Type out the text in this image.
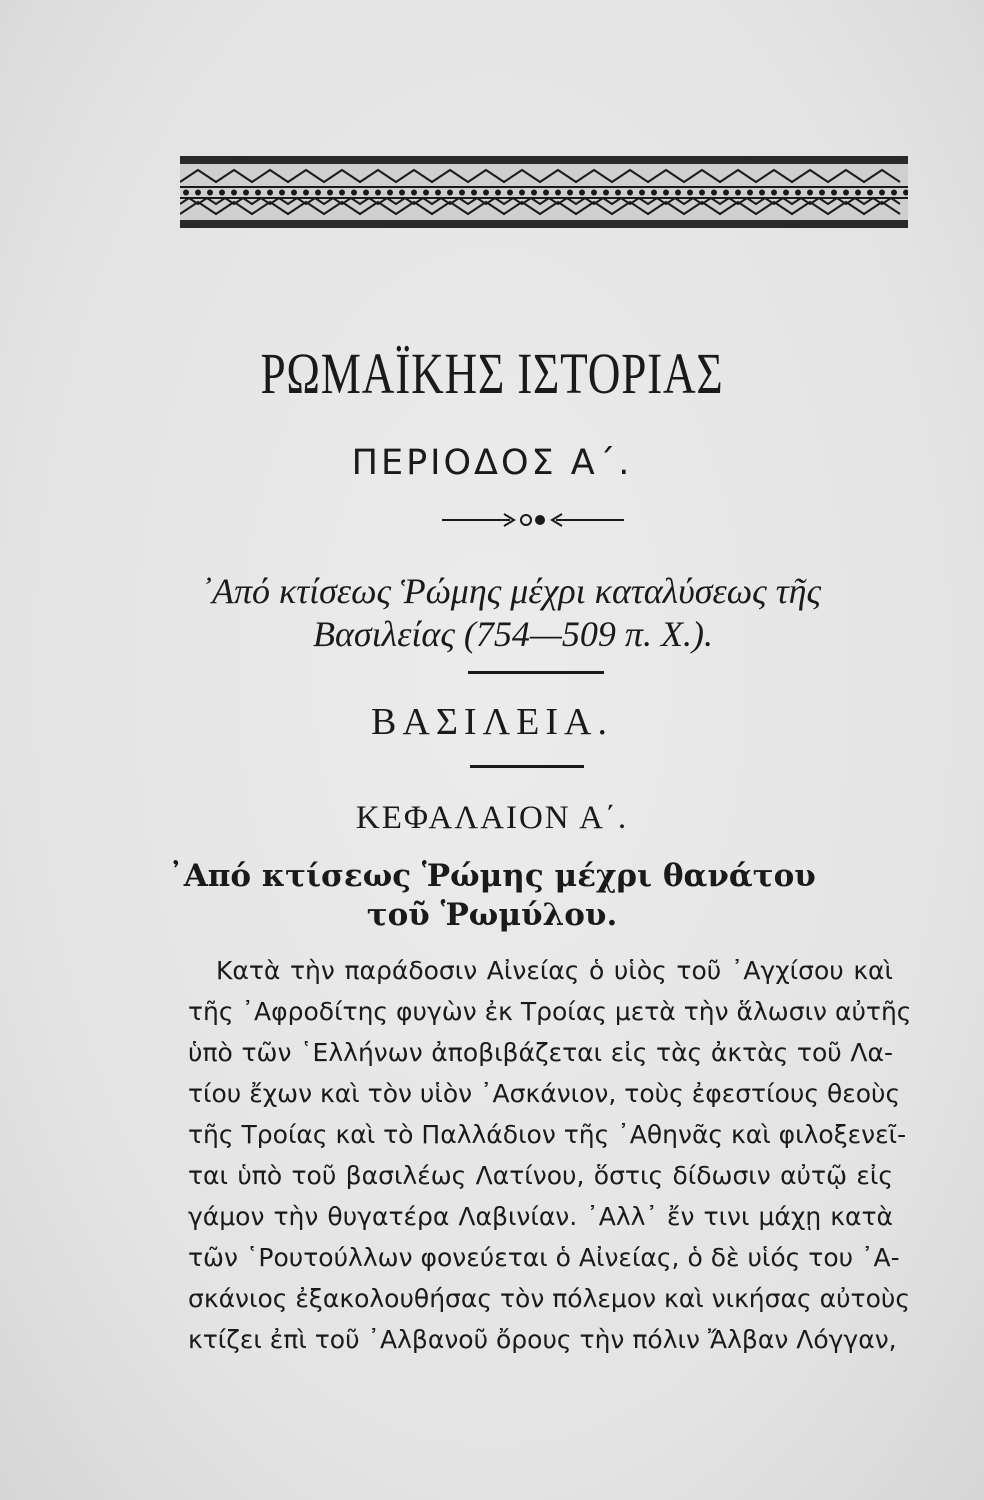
ΡΩΜΑΪΚΗΣ ΙΣΤΟΡΙΑΣ
ΠΕΡΙΟΔΟΣ Α΄.
᾽Από κτίσεως Ῥώμης μέχρι καταλύσεως τῆς
Βασιλείας (754—509 π. Χ.).
ΒΑΣΙΛΕΙΑ.
ΚΕΦΑΛΑΙΟΝ Α΄.
᾽Από κτίσεως Ῥώμης μέχρι θανάτου
τοῦ Ῥωμύλου.
Κατὰ τὴν παράδοσιν Αἰνείας ὁ υἱὸς τοῦ ᾽Αγχίσου καὶ
τῆς ᾽Αφροδίτης φυγὼν ἐκ Τροίας μετὰ τὴν ἅλωσιν αὐτῆς
ὑπὸ τῶν ῾Ελλήνων ἀποβιβάζεται εἰς τὰς ἀκτὰς τοῦ Λα-
τίου ἔχων καὶ τὸν υἱὸν ᾽Ασκάνιον, τοὺς ἐφεστίους θεοὺς
τῆς Τροίας καὶ τὸ Παλλάδιον τῆς ᾽Αθηνᾶς καὶ φιλοξενεῖ-
ται ὑπὸ τοῦ βασιλέως Λατίνου, ὅστις δίδωσιν αὐτῷ εἰς
γάμον τὴν θυγατέρα Λαβινίαν. ᾽Αλλ᾽ ἔν τινι μάχῃ κατὰ
τῶν ῾Ρουτούλλων φονεύεται ὁ Αἰνείας, ὁ δὲ υἱός του ᾽Α-
σκάνιος ἐξακολουθήσας τὸν πόλεμον καὶ νικήσας αὐτοὺς
κτίζει ἐπὶ τοῦ ᾽Αλβανοῦ ὄρους τὴν πόλιν Ἄλβαν Λόγγαν,
